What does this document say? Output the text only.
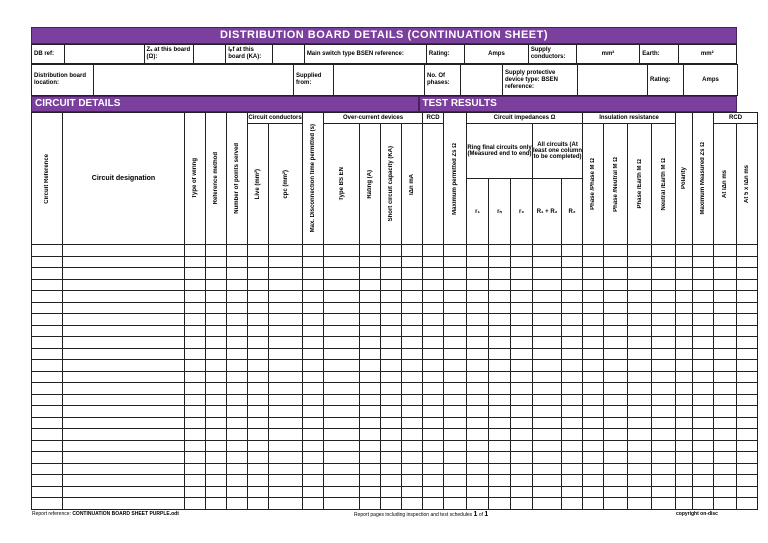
DISTRIBUTION BOARD DETAILS (CONTINUATION SHEET)
DB ref:		Zₛ at this board (Ω):		Iₚf at this board (KA):		Main switch type BSEN reference:	Rating:	Amps	Supply conductors:	mm²	Earth:	mm²
Distribution board location:		Supplied from:		No. Of phases:		Supply protective device type: BSEN reference:		Rating:	Amps
CIRCUIT DETAILS	TEST RESULTS
Circuit Reference	Circuit designation	Type of wiring	Reference method	Number of points served	Circuit conductors		Max. Disconnection time permitted (s)	Over-current devices				RCD	Maximum permitted Zs Ω	Circuit impedances Ω					Insulation resistance				Polarity	Maximum Measured Zs Ω	RCD	

					Live (mm²)	cpc (mm²)		Type BS EN	Rating (A)	Short circuit capacity (KA)	IΔn mA			Ring final circuits only (Measured end to end)			All circuits (At least one column to be completed)		Phase /Phase M Ω	Phase /Neutral M Ω	Phase /Earth M Ω	Neutral /Earth M Ω			At IΔn ms	At 5 x IΔn ms

														r₁	rₙ	r₂	R₁ + R₂	R₂								

Report reference: CONTINUATION BOARD SHEET PURPLE.odt	Report pages including inspection and test schedules 1 of 1	copyright on-disc
